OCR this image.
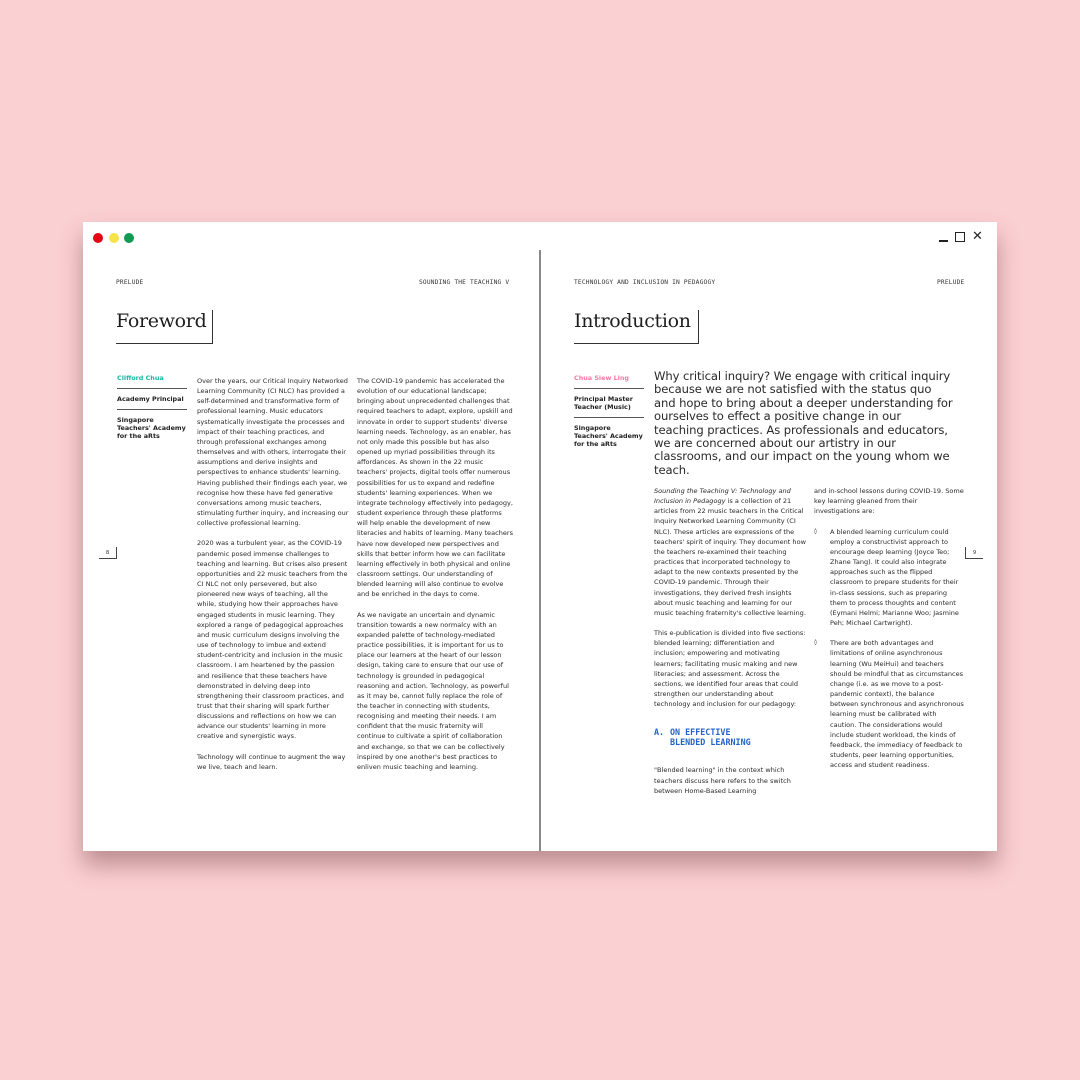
✕
PRELUDE	SOUNDING THE TEACHING V
Foreword
Clifford Chua
Academy Principal
Singapore Teachers' Academy for the aRts
8

Over the years, our Critical Inquiry Networked Learning Community (CI NLC) has provided a self-determined and transformative form of professional learning. Music educators systematically investigate the processes and impact of their teaching practices, and through professional exchanges among themselves and with others, interrogate their assumptions and derive insights and perspectives to enhance students' learning. Having published their findings each year, we recognise how these have fed generative conversations among music teachers, stimulating further inquiry, and increasing our collective professional learning.

2020 was a turbulent year, as the COVID-19 pandemic posed immense challenges to teaching and learning. But crises also present opportunities and 22 music teachers from the CI NLC not only persevered, but also pioneered new ways of teaching, all the while, studying how their approaches have engaged students in music learning. They explored a range of pedagogical approaches and music curriculum designs involving the use of technology to imbue and extend student-centricity and inclusion in the music classroom. I am heartened by the passion and resilience that these teachers have demonstrated in delving deep into strengthening their classroom practices, and trust that their sharing will spark further discussions and reflections on how we can advance our students' learning in more creative and synergistic ways.

Technology will continue to augment the way we live, teach and learn.

The COVID-19 pandemic has accelerated the evolution of our educational landscape; bringing about unprecedented challenges that required teachers to adapt, explore, upskill and innovate in order to support students' diverse learning needs. Technology, as an enabler, has not only made this possible but has also opened up myriad possibilities through its affordances. As shown in the 22 music teachers' projects, digital tools offer numerous possibilities for us to expand and redefine students' learning experiences. When we integrate technology effectively into pedagogy, student experience through these platforms will help enable the development of new literacies and habits of learning. Many teachers have now developed new perspectives and skills that better inform how we can facilitate learning effectively in both physical and online classroom settings. Our understanding of blended learning will also continue to evolve and be enriched in the days to come.

As we navigate an uncertain and dynamic transition towards a new normalcy with an expanded palette of technology-mediated practice possibilities, it is important for us to place our learners at the heart of our lesson design, taking care to ensure that our use of technology is grounded in pedagogical reasoning and action. Technology, as powerful as it may be, cannot fully replace the role of the teacher in connecting with students, recognising and meeting their needs. I am confident that the music fraternity will continue to cultivate a spirit of collaboration and exchange, so that we can be collectively inspired by one another's best practices to enliven music teaching and learning.

TECHNOLOGY AND INCLUSION IN PEDAGOGY	PRELUDE
Introduction
Chua Siew Ling
Principal Master Teacher (Music)
Singapore Teachers' Academy for the aRts
Why critical inquiry? We engage with critical inquiry because we are not satisfied with the status quo and hope to bring about a deeper understanding for ourselves to effect a positive change in our teaching practices. As professionals and educators, we are concerned about our artistry in our classrooms, and our impact on the young whom we teach.
9

Sounding the Teaching V: Technology and Inclusion in Pedagogy is a collection of 21 articles from 22 music teachers in the Critical Inquiry Networked Learning Community (CI NLC). These articles are expressions of the teachers' spirit of inquiry. They document how the teachers re-examined their teaching practices that incorporated technology to adapt to the new contexts presented by the COVID-19 pandemic. Through their investigations, they derived fresh insights about music teaching and learning for our music teaching fraternity's collective learning.

This e-publication is divided into five sections: blended learning; differentiation and inclusion; empowering and motivating learners; facilitating music making and new literacies; and assessment. Across the sections, we identified four areas that could strengthen our understanding about technology and inclusion for our pedagogy:

A. ON EFFECTIVE BLENDED LEARNING

"Blended learning" in the context which teachers discuss here refers to the switch between Home-Based Learning

and in-school lessons during COVID-19. Some key learning gleaned from their investigations are:

◊	A blended learning curriculum could employ a constructivist approach to encourage deep learning (Joyce Teo; Zhane Tang). It could also integrate approaches such as the flipped classroom to prepare students for their in-class sessions, such as preparing them to process thoughts and content (Eymani Helmi; Marianne Woo; Jasmine Peh; Michael Cartwright).
◊	There are both advantages and limitations of online asynchronous learning (Wu MeiHui) and teachers should be mindful that as circumstances change (i.e. as we move to a post-pandemic context), the balance between synchronous and asynchronous learning must be calibrated with caution. The considerations would include student workload, the kinds of feedback, the immediacy of feedback to students, peer learning opportunities, access and student readiness.
